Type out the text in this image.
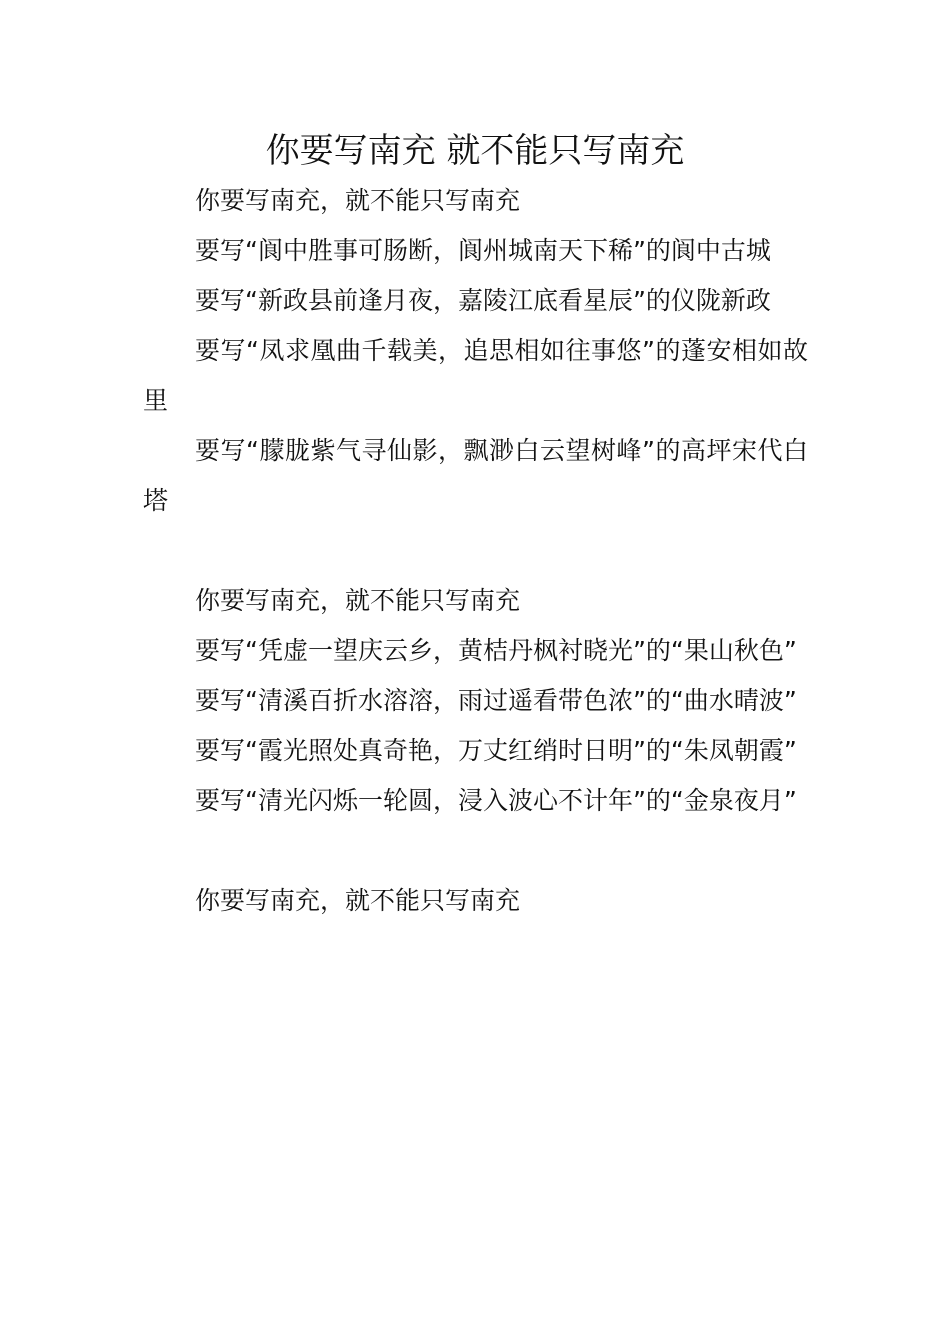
你要写南充 就不能只写南充

你要写南充，就不能只写南充

要写“阆中胜事可肠断，阆州城南天下稀”的阆中古城

要写“新政县前逢月夜，嘉陵江底看星辰”的仪陇新政

要写“凤求凰曲千载美，追思相如往事悠”的蓬安相如故里

要写“朦胧紫气寻仙影，飘渺白云望树峰”的高坪宋代白塔

你要写南充，就不能只写南充

要写“凭虚一望庆云乡，黄桔丹枫衬晓光”的“果山秋色”

要写“清溪百折水溶溶，雨过遥看带色浓”的“曲水晴波”

要写“霞光照处真奇艳，万丈红绡时日明”的“朱凤朝霞”

要写“清光闪烁一轮圆，浸入波心不计年”的“金泉夜月”

你要写南充，就不能只写南充
